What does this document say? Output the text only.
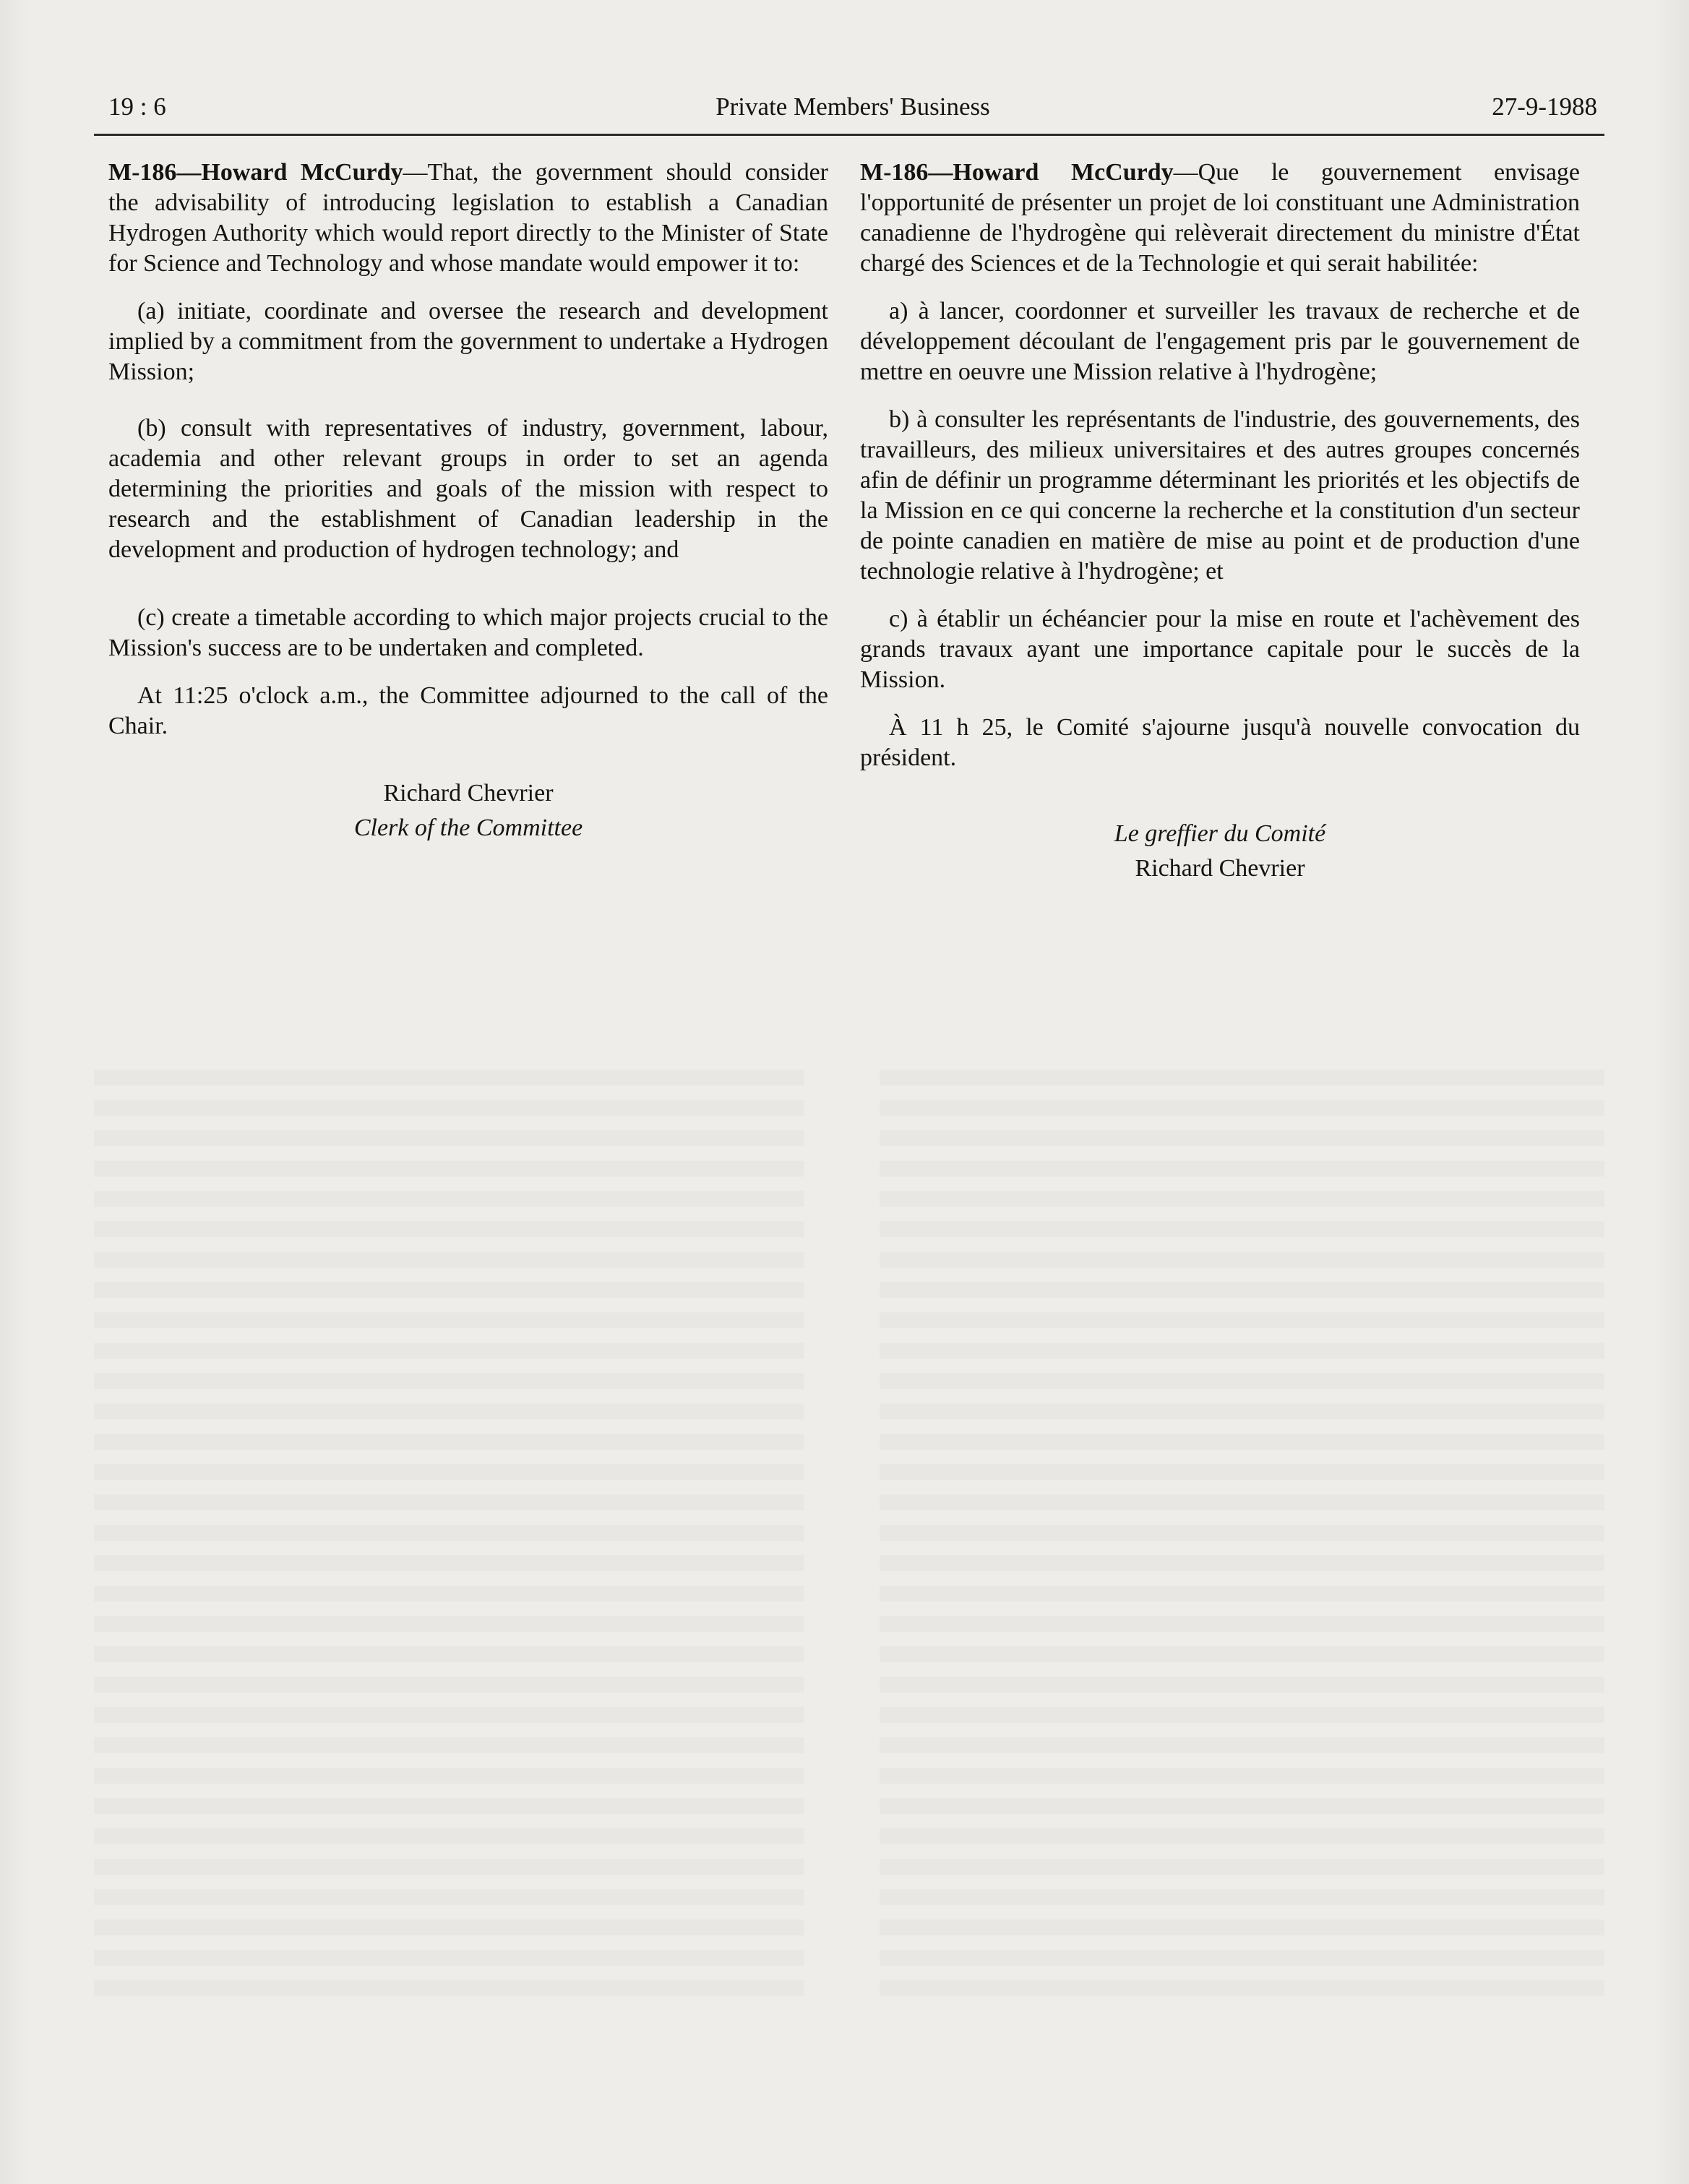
19 : 6	Private Members' Business	27-9-1988

M-186—Howard McCurdy—That, the government should consider the advisability of introducing legislation to establish a Canadian Hydrogen Authority which would report directly to the Minister of State for Science and Technology and whose mandate would empower it to:

(a) initiate, coordinate and oversee the research and development implied by a commitment from the government to undertake a Hydrogen Mission;

(b) consult with representatives of industry, government, labour, academia and other relevant groups in order to set an agenda determining the priorities and goals of the mission with respect to research and the establishment of Canadian leadership in the development and production of hydrogen technology; and

(c) create a timetable according to which major projects crucial to the Mission's success are to be undertaken and completed.

At 11:25 o'clock a.m., the Committee adjourned to the call of the Chair.

Richard Chevrier
Clerk of the Committee

M-186—Howard McCurdy—Que le gouvernement envisage l'opportunité de présenter un projet de loi constituant une Administration canadienne de l'hydrogène qui relèverait directement du ministre d'État chargé des Sciences et de la Technologie et qui serait habilitée:

a) à lancer, coordonner et surveiller les travaux de recherche et de développement découlant de l'engagement pris par le gouvernement de mettre en oeuvre une Mission relative à l'hydrogène;

b) à consulter les représentants de l'industrie, des gouvernements, des travailleurs, des milieux universitaires et des autres groupes concernés afin de définir un programme déterminant les priorités et les objectifs de la Mission en ce qui concerne la recherche et la constitution d'un secteur de pointe canadien en matière de mise au point et de production d'une technologie relative à l'hydrogène; et

c) à établir un échéancier pour la mise en route et l'achèvement des grands travaux ayant une importance capitale pour le succès de la Mission.

À 11 h 25, le Comité s'ajourne jusqu'à nouvelle convocation du président.

Le greffier du Comité
Richard Chevrier
